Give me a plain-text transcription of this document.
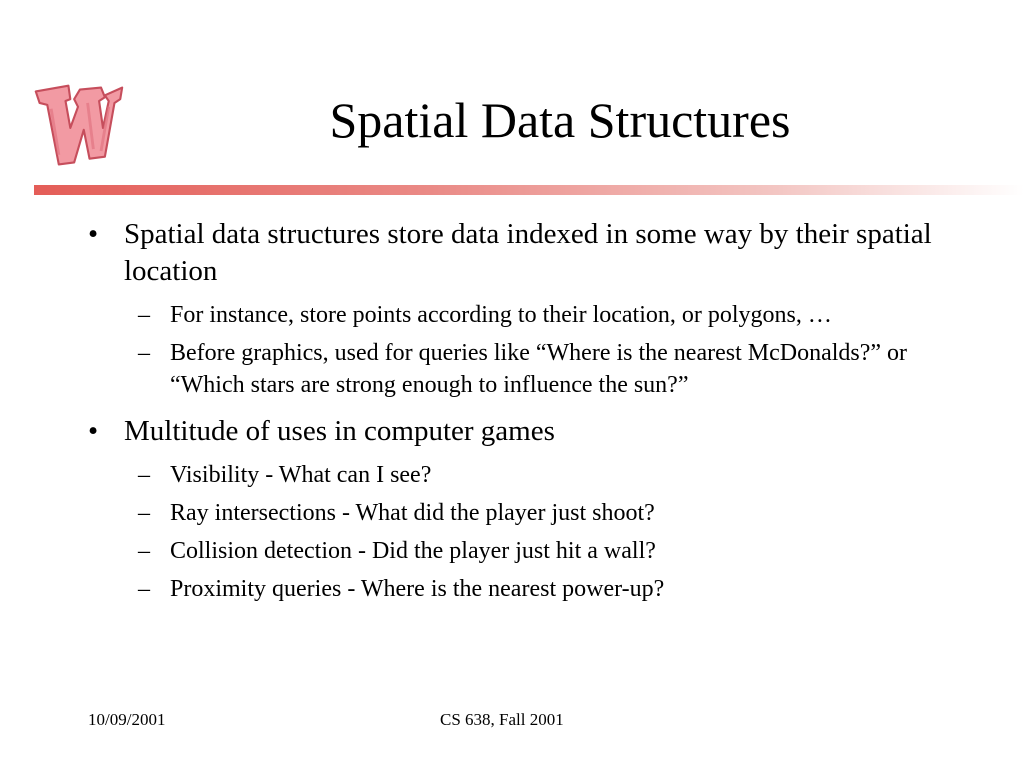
Spatial Data Structures
• Spatial data structures store data indexed in some way by their spatial location
– For instance, store points according to their location, or polygons, …
– Before graphics, used for queries like “Where is the nearest McDonalds?” or “Which stars are strong enough to influence the sun?”
• Multitude of uses in computer games
– Visibility - What can I see?
– Ray intersections - What did the player just shoot?
– Collision detection - Did the player just hit a wall?
– Proximity queries - Where is the nearest power-up?
10/09/2001	CS 638, Fall 2001
